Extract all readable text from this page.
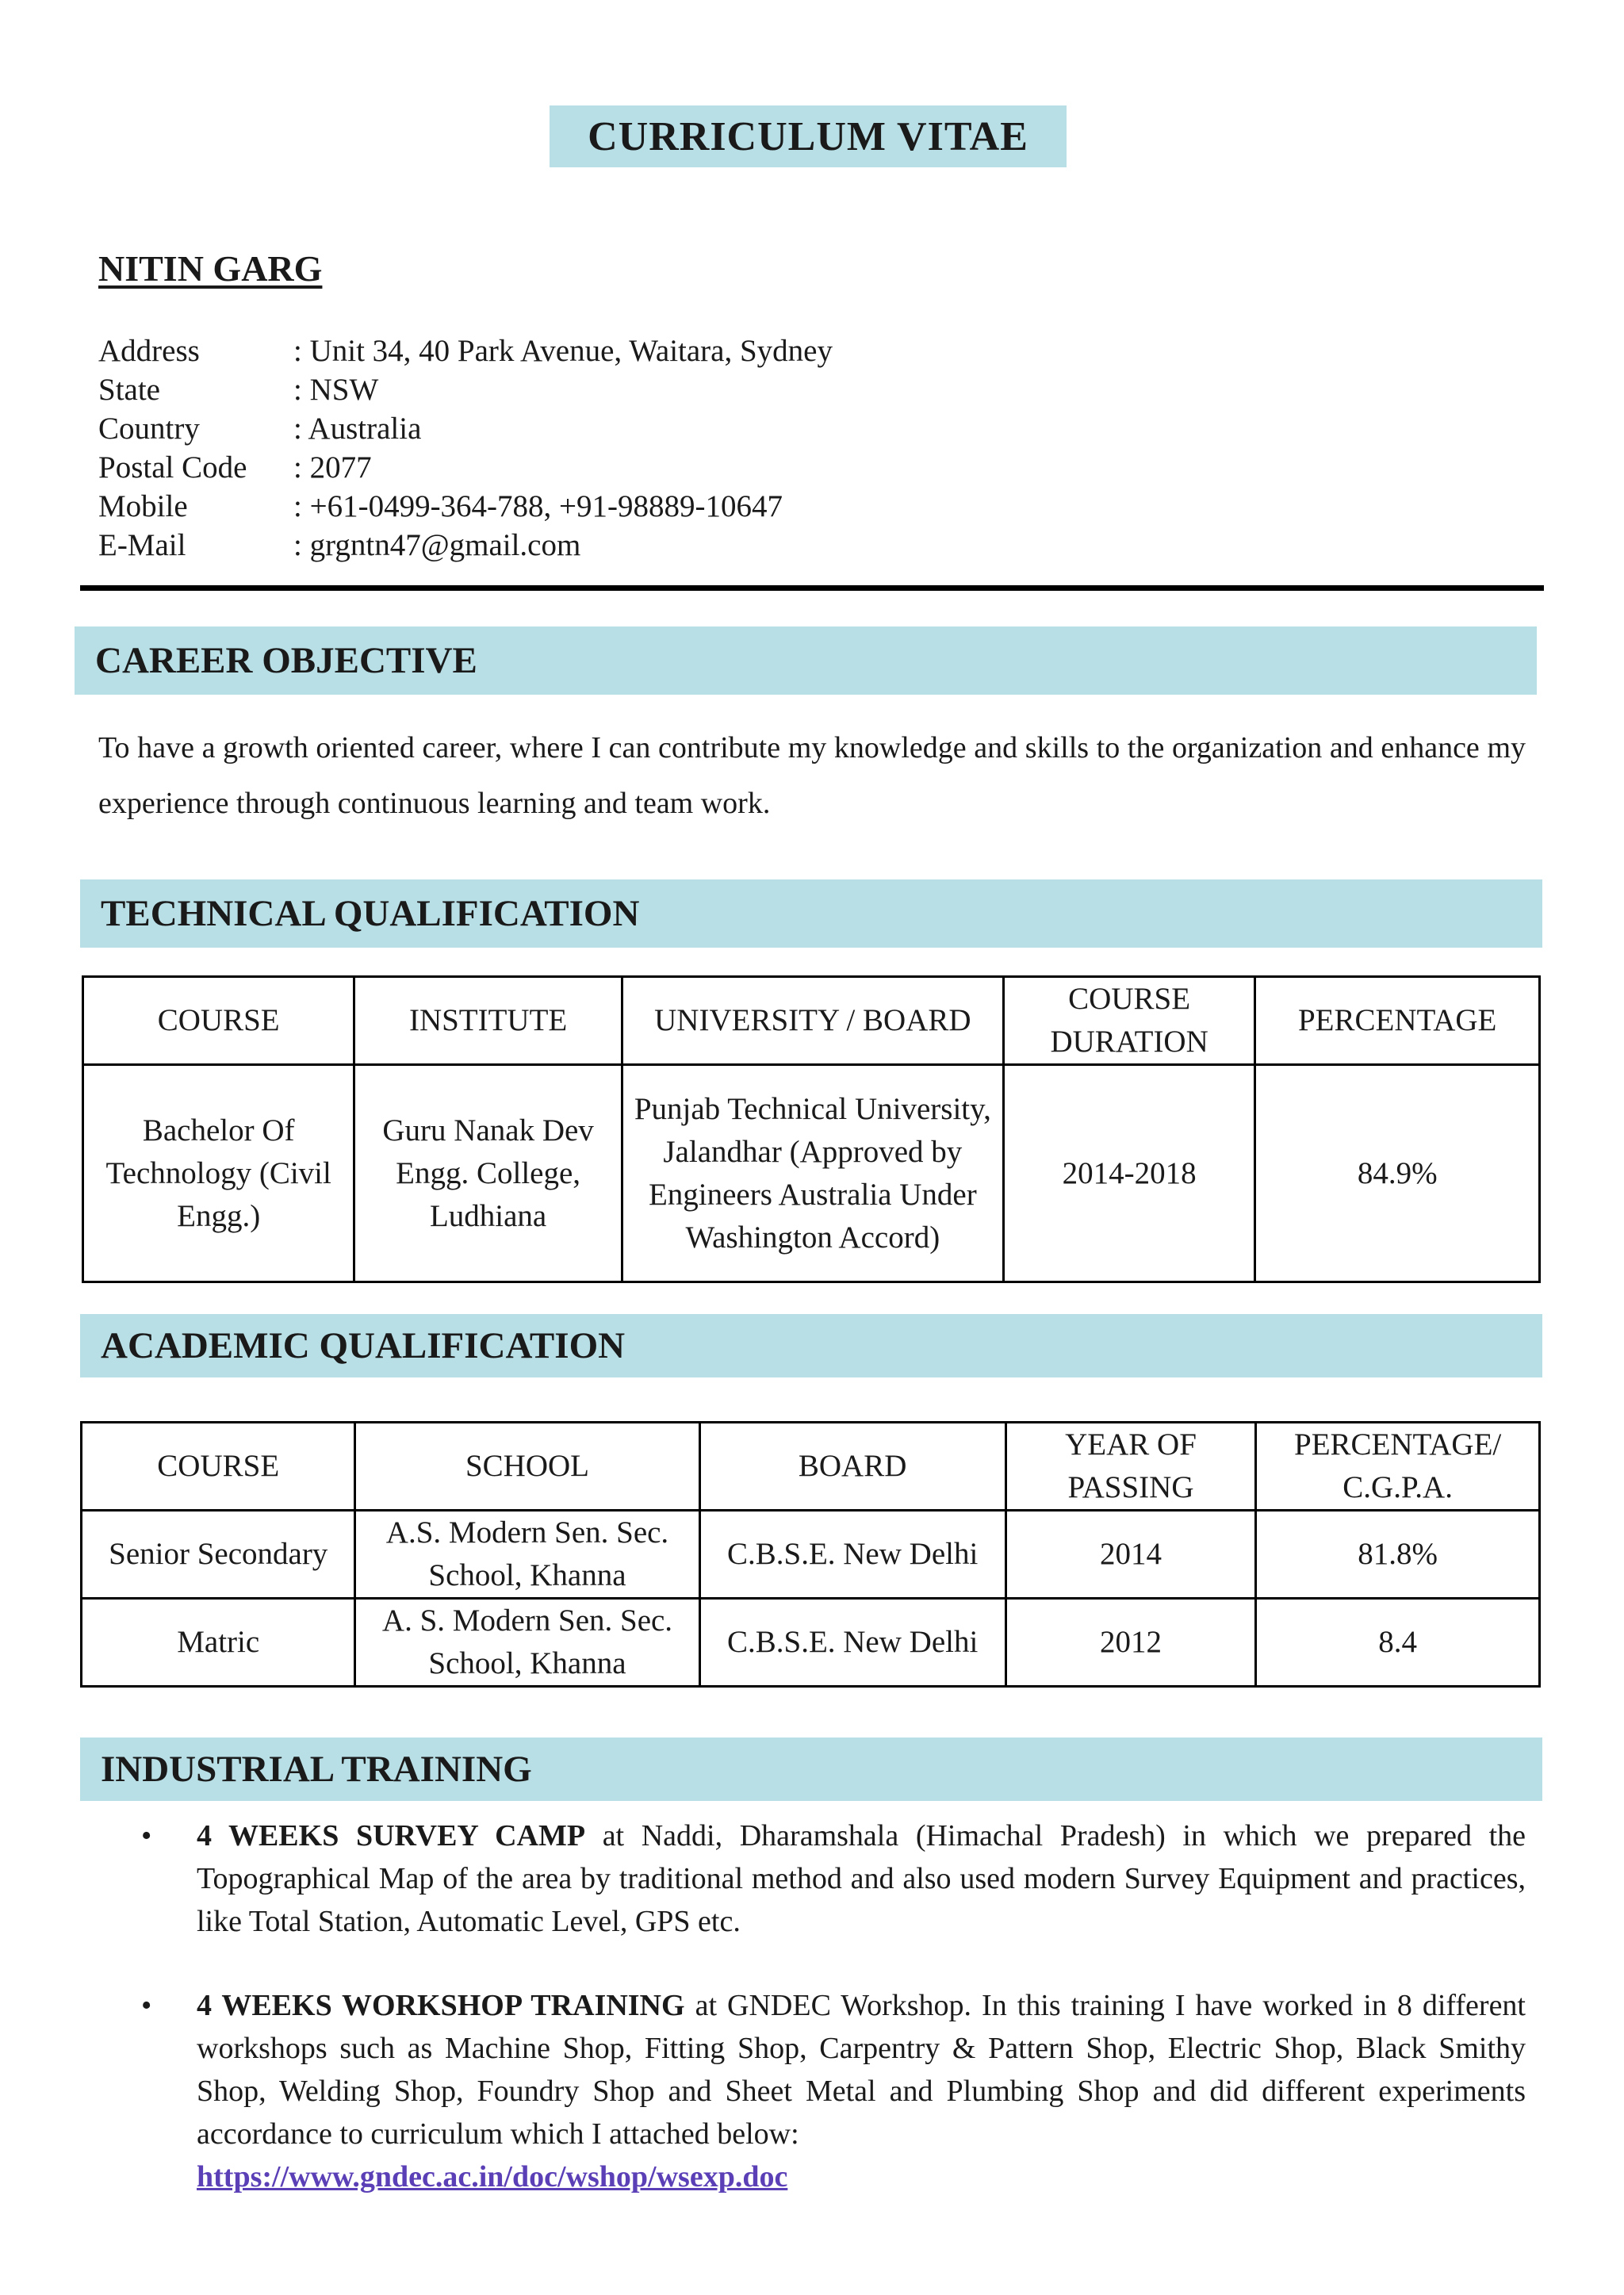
CURRICULUM VITAE
NITIN GARG
Address	: Unit 34, 40 Park Avenue, Waitara, Sydney
State	: NSW
Country	: Australia
Postal Code	: 2077
Mobile	: +61-0499-364-788, +91-98889-10647
E-Mail	: grgntn47@gmail.com
CAREER OBJECTIVE
To have a growth oriented career, where I can contribute my knowledge and skills to the organization and enhance my experience through continuous learning and team work.
TECHNICAL QUALIFICATION
COURSE	INSTITUTE	UNIVERSITY / BOARD	COURSE DURATION	PERCENTAGE
Bachelor Of Technology (Civil Engg.)	Guru Nanak Dev Engg. College, Ludhiana	Punjab Technical University, Jalandhar (Approved by Engineers Australia Under Washington Accord)	2014-2018	84.9%
ACADEMIC QUALIFICATION
COURSE	SCHOOL	BOARD	YEAR OF PASSING	PERCENTAGE/ C.G.P.A.
Senior Secondary	A.S. Modern Sen. Sec. School, Khanna	C.B.S.E. New Delhi	2014	81.8%
Matric	A. S. Modern Sen. Sec. School, Khanna	C.B.S.E. New Delhi	2012	8.4
INDUSTRIAL TRAINING
• 4 WEEKS SURVEY CAMP at Naddi, Dharamshala (Himachal Pradesh) in which we prepared the Topographical Map of the area by traditional method and also used modern Survey Equipment and practices, like Total Station, Automatic Level, GPS etc.
• 4 WEEKS WORKSHOP TRAINING at GNDEC Workshop. In this training I have worked in 8 different workshops such as Machine Shop, Fitting Shop, Carpentry & Pattern Shop, Electric Shop, Black Smithy Shop, Welding Shop, Foundry Shop and Sheet Metal and Plumbing Shop and did different experiments accordance to curriculum which I attached below:
https://www.gndec.ac.in/doc/wshop/wsexp.doc
